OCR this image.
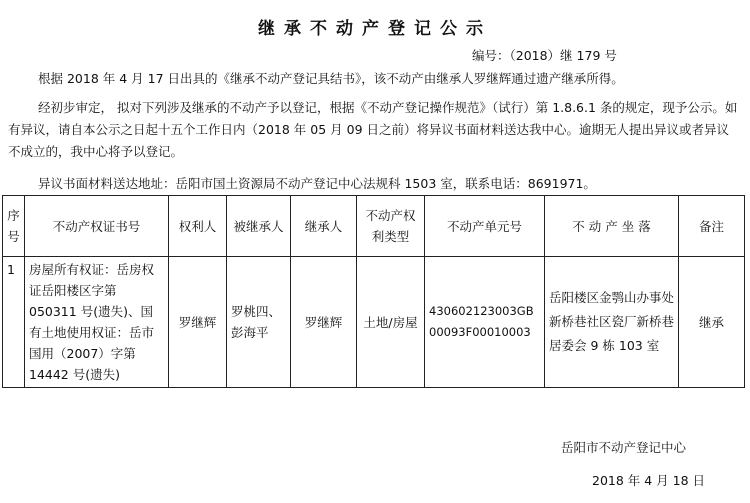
继承不动产登记公示
编号：（2018）继 179 号
根据 2018 年 4 月 17 日出具的《继承不动产登记具结书》，该不动产由继承人罗继辉通过遗产继承所得。
经初步审定， 拟对下列涉及继承的不动产予以登记，根据《不动产登记操作规范》（试行）第 1.8.6.1 条的规定，现予公示。如有异议，请自本公示之日起十五个工作日内（2018 年 05 月 09 日之前）将异议书面材料送达我中心。逾期无人提出异议或者异议不成立的，我中心将予以登记。
异议书面材料送达地址：岳阳市国土资源局不动产登记中心法规科 1503 室，联系电话：8691971。
序号	不动产权证书号	权利人	被继承人	继承人	不动产权利类型	不动产单元号	不 动 产 坐 落	备注
1	房屋所有权证：岳房权证岳阳楼区字第 050311 号(遗失)、国有土地使用权证：岳市国用（2007）字第 14442 号(遗失)	罗继辉	罗桃四、彭海平	罗继辉	土地/房屋	430602123003GB00093F00010003	岳阳楼区金鹗山办事处新桥巷社区瓷厂新桥巷居委会 9 栋 103 室	继承
岳阳市不动产登记中心
2018 年 4 月 18 日
